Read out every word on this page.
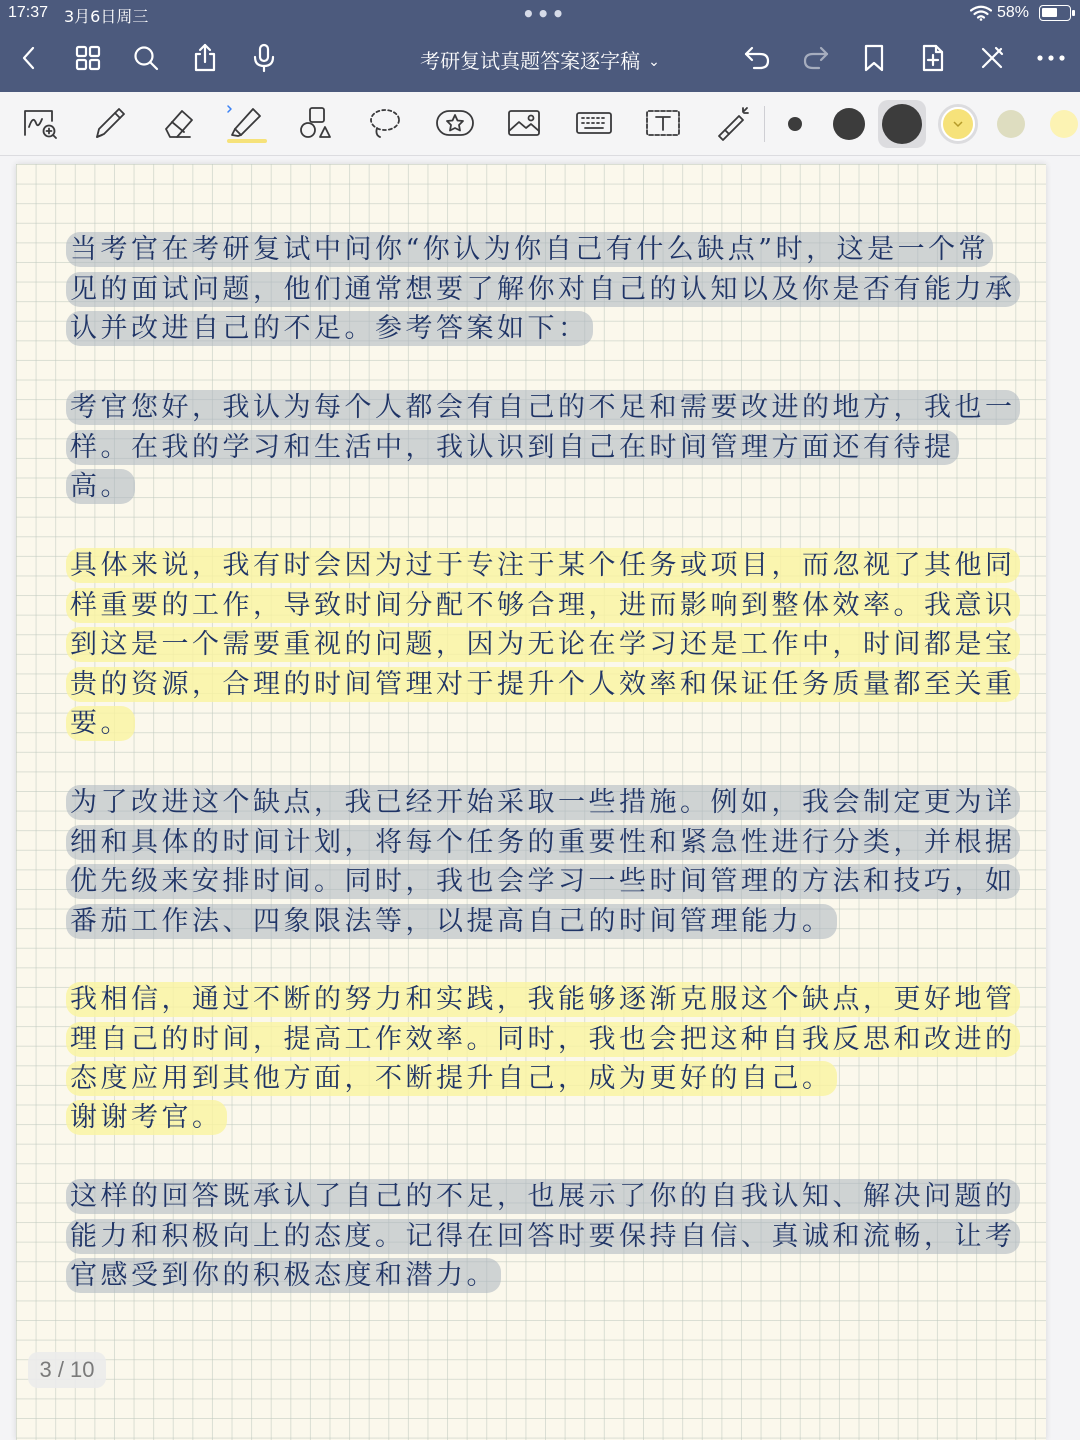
17:37 3月6日周三	•••	58%
考研复试真题答案逐字稿 ⌄
当考官在考研复试中问你“你认为你自己有什么缺点”时，这是一个常见的面试问题，他们通常想要了解你对自己的认知以及你是否有能力承认并改进自己的不足。参考答案如下：
考官您好，我认为每个人都会有自己的不足和需要改进的地方，我也一样。在我的学习和生活中，我认识到自己在时间管理方面还有待提高。
具体来说，我有时会因为过于专注于某个任务或项目，而忽视了其他同样重要的工作，导致时间分配不够合理，进而影响到整体效率。我意识到这是一个需要重视的问题，因为无论在学习还是工作中，时间都是宝贵的资源，合理的时间管理对于提升个人效率和保证任务质量都至关重要。
为了改进这个缺点，我已经开始采取一些措施。例如，我会制定更为详细和具体的时间计划，将每个任务的重要性和紧急性进行分类，并根据优先级来安排时间。同时，我也会学习一些时间管理的方法和技巧，如番茄工作法、四象限法等，以提高自己的时间管理能力。
我相信，通过不断的努力和实践，我能够逐渐克服这个缺点，更好地管理自己的时间，提高工作效率。同时，我也会把这种自我反思和改进的态度应用到其他方面，不断提升自己，成为更好的自己。
谢谢考官。
这样的回答既承认了自己的不足，也展示了你的自我认知、解决问题的能力和积极向上的态度。记得在回答时要保持自信、真诚和流畅，让考官感受到你的积极态度和潜力。
3 / 10
